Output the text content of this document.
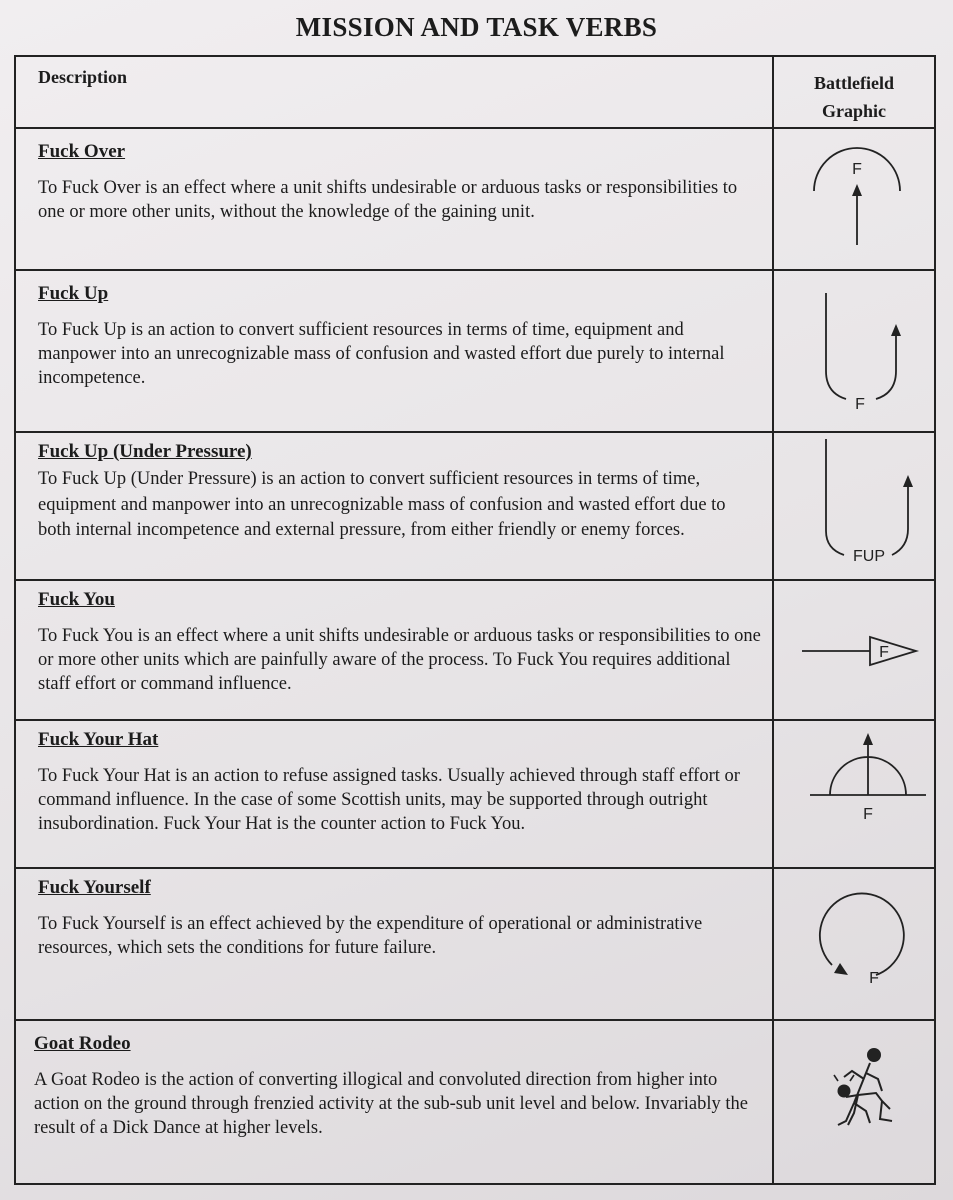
MISSION AND TASK VERBS
Description	Battlefield
Graphic
Fuck Over

To Fuck Over is an effect where a unit shifts undesirable or arduous tasks or responsibilities to one or more other units, without the knowledge of the gaining unit.

F
Fuck Up

To Fuck Up is an action to convert sufficient resources in terms of time, equipment and manpower into an unrecognizable mass of confusion and wasted effort due purely to internal incompetence.

F
Fuck Up (Under Pressure)

To Fuck Up (Under Pressure) is an action to convert sufficient resources in terms of time, equipment and manpower into an unrecognizable mass of confusion and wasted effort due to both internal incompetence and external pressure, from either friendly or enemy forces.

FUP
Fuck You

To Fuck You is an effect where a unit shifts undesirable or arduous tasks or responsibilities to one or more other units which are painfully aware of the process. To Fuck You requires additional staff effort or command influence.

F
Fuck Your Hat

To Fuck Your Hat is an action to refuse assigned tasks. Usually achieved through staff effort or command influence. In the case of some Scottish units, may be supported through outright insubordination. Fuck Your Hat is the counter action to Fuck You.	F
Fuck Yourself

To Fuck Yourself is an effect achieved by the expenditure of operational or administrative resources, which sets the conditions for future failure.

F
Goat Rodeo

A Goat Rodeo is the action of converting illogical and convoluted direction from higher into action on the ground through frenzied activity at the sub-sub unit level and below. Invariably the result of a Dick Dance at higher levels.
